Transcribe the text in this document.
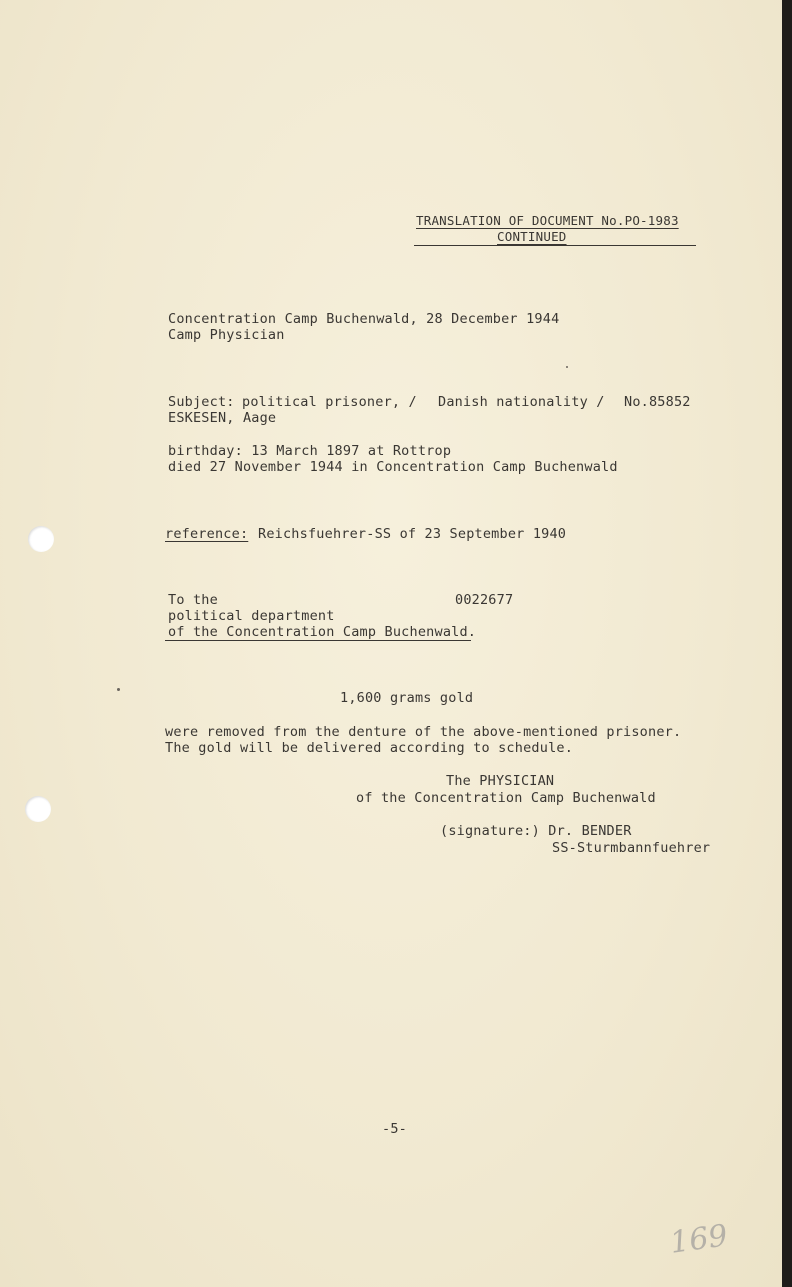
TRANSLATION OF DOCUMENT No.PO-1983
CONTINUED
Concentration Camp Buchenwald, 28 December 1944
Camp Physician
Subject: political prisoner, / Danish nationality / No.85852
ESKESEN, Aage
birthday: 13 March 1897 at Rottrop
died 27 November 1944 in Concentration Camp Buchenwald
reference: Reichsfuehrer-SS of 23 September 1940
To the	0022677
political department
of the Concentration Camp Buchenwald.
1,600 grams gold
were removed from the denture of the above-mentioned prisoner.
The gold will be delivered according to schedule.
The PHYSICIAN
of the Concentration Camp Buchenwald
(signature:) Dr. BENDER
SS-Sturmbannfuehrer
-5-
169
